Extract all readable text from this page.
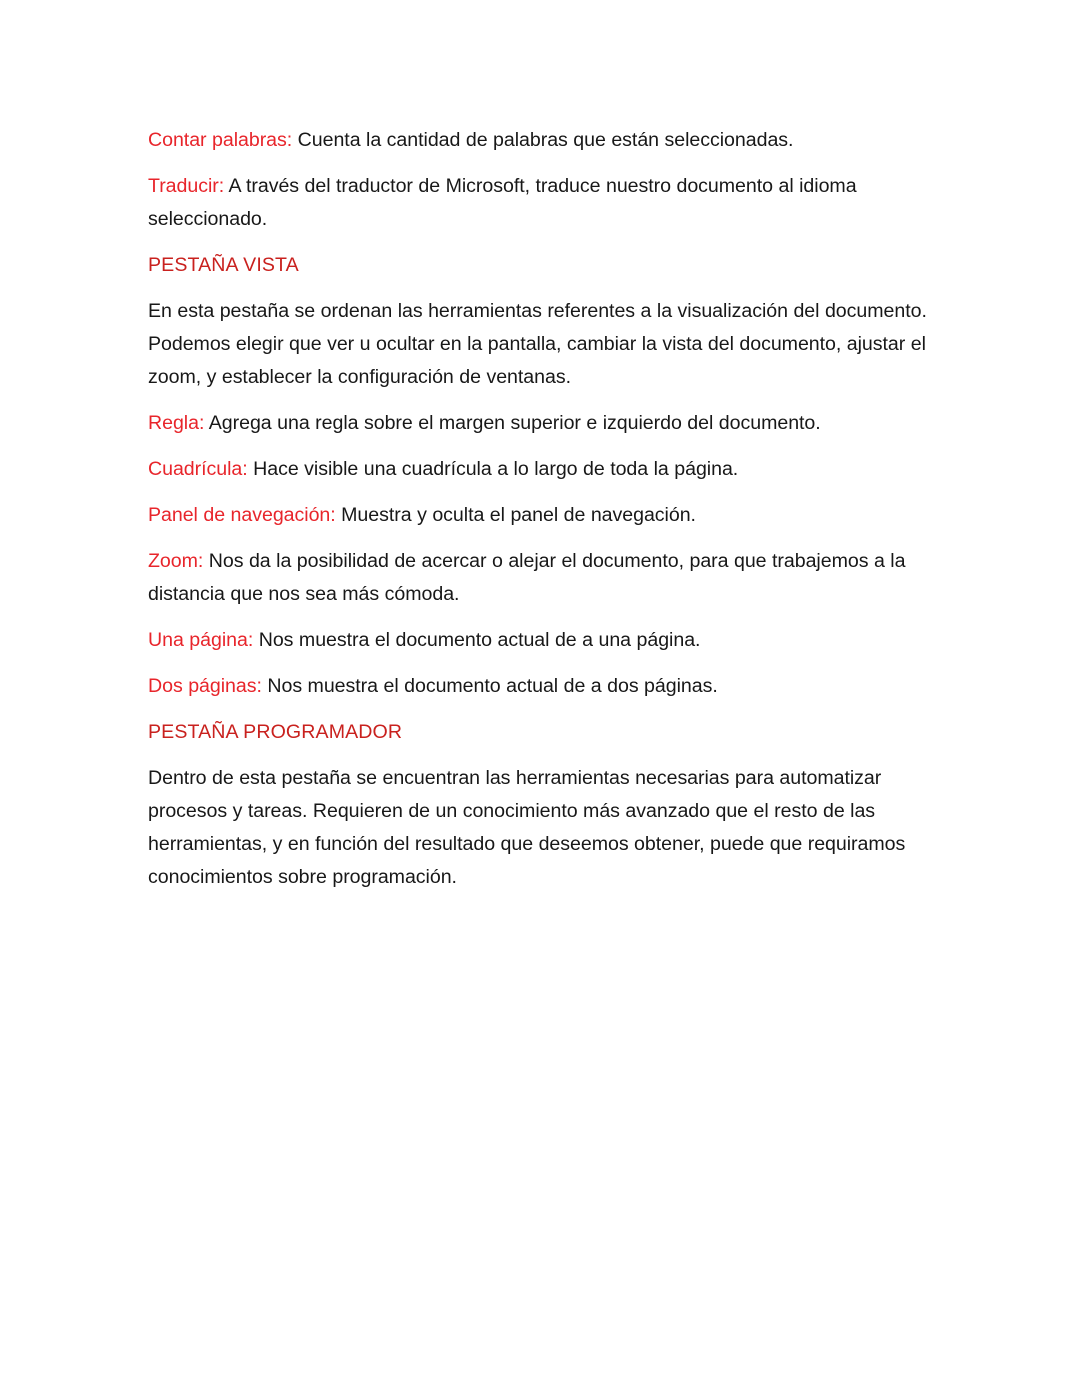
Contar palabras: Cuenta la cantidad de palabras que están seleccionadas.

Traducir: A través del traductor de Microsoft, traduce nuestro documento al idioma seleccionado.

PESTAÑA VISTA

En esta pestaña se ordenan las herramientas referentes a la visualización del documento. Podemos elegir que ver u ocultar en la pantalla, cambiar la vista del documento, ajustar el zoom, y establecer la configuración de ventanas.

Regla: Agrega una regla sobre el margen superior e izquierdo del documento.

Cuadrícula: Hace visible una cuadrícula a lo largo de toda la página.

Panel de navegación: Muestra y oculta el panel de navegación.

Zoom: Nos da la posibilidad de acercar o alejar el documento, para que trabajemos a la distancia que nos sea más cómoda.

Una página: Nos muestra el documento actual de a una página.

Dos páginas: Nos muestra el documento actual de a dos páginas.

PESTAÑA PROGRAMADOR

Dentro de esta pestaña se encuentran las herramientas necesarias para automatizar procesos y tareas. Requieren de un conocimiento más avanzado que el resto de las herramientas, y en función del resultado que deseemos obtener, puede que requiramos conocimientos sobre programación.
